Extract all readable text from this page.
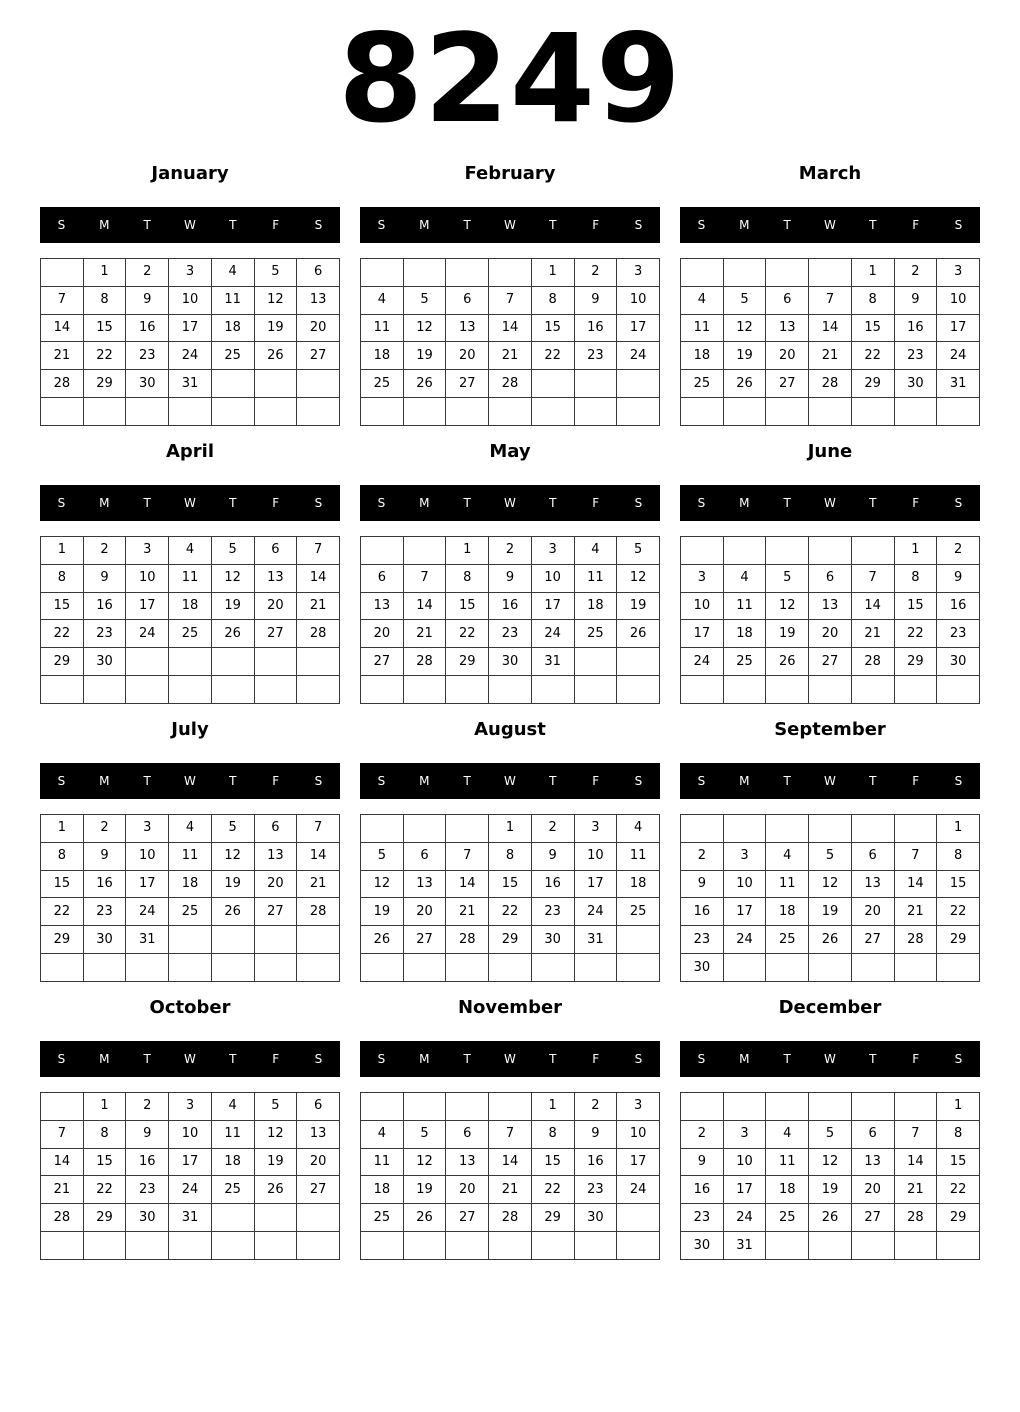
8249
January
S	M	T	W	T	F	S
	1	2	3	4	5	6
7	8	9	10	11	12	13
14	15	16	17	18	19	20
21	22	23	24	25	26	27
28	29	30	31			

February
S	M	T	W	T	F	S
				1	2	3
4	5	6	7	8	9	10
11	12	13	14	15	16	17
18	19	20	21	22	23	24
25	26	27	28			

March
S	M	T	W	T	F	S
				1	2	3
4	5	6	7	8	9	10
11	12	13	14	15	16	17
18	19	20	21	22	23	24
25	26	27	28	29	30	31

April
S	M	T	W	T	F	S
1	2	3	4	5	6	7
8	9	10	11	12	13	14
15	16	17	18	19	20	21
22	23	24	25	26	27	28
29	30					

May
S	M	T	W	T	F	S
		1	2	3	4	5
6	7	8	9	10	11	12
13	14	15	16	17	18	19
20	21	22	23	24	25	26
27	28	29	30	31		

June
S	M	T	W	T	F	S
					1	2
3	4	5	6	7	8	9
10	11	12	13	14	15	16
17	18	19	20	21	22	23
24	25	26	27	28	29	30

July
S	M	T	W	T	F	S
1	2	3	4	5	6	7
8	9	10	11	12	13	14
15	16	17	18	19	20	21
22	23	24	25	26	27	28
29	30	31				

August
S	M	T	W	T	F	S
			1	2	3	4
5	6	7	8	9	10	11
12	13	14	15	16	17	18
19	20	21	22	23	24	25
26	27	28	29	30	31	

September
S	M	T	W	T	F	S
						1
2	3	4	5	6	7	8
9	10	11	12	13	14	15
16	17	18	19	20	21	22
23	24	25	26	27	28	29
30						
October
S	M	T	W	T	F	S
	1	2	3	4	5	6
7	8	9	10	11	12	13
14	15	16	17	18	19	20
21	22	23	24	25	26	27
28	29	30	31			

November
S	M	T	W	T	F	S
				1	2	3
4	5	6	7	8	9	10
11	12	13	14	15	16	17
18	19	20	21	22	23	24
25	26	27	28	29	30	

December
S	M	T	W	T	F	S
						1
2	3	4	5	6	7	8
9	10	11	12	13	14	15
16	17	18	19	20	21	22
23	24	25	26	27	28	29
30	31					
